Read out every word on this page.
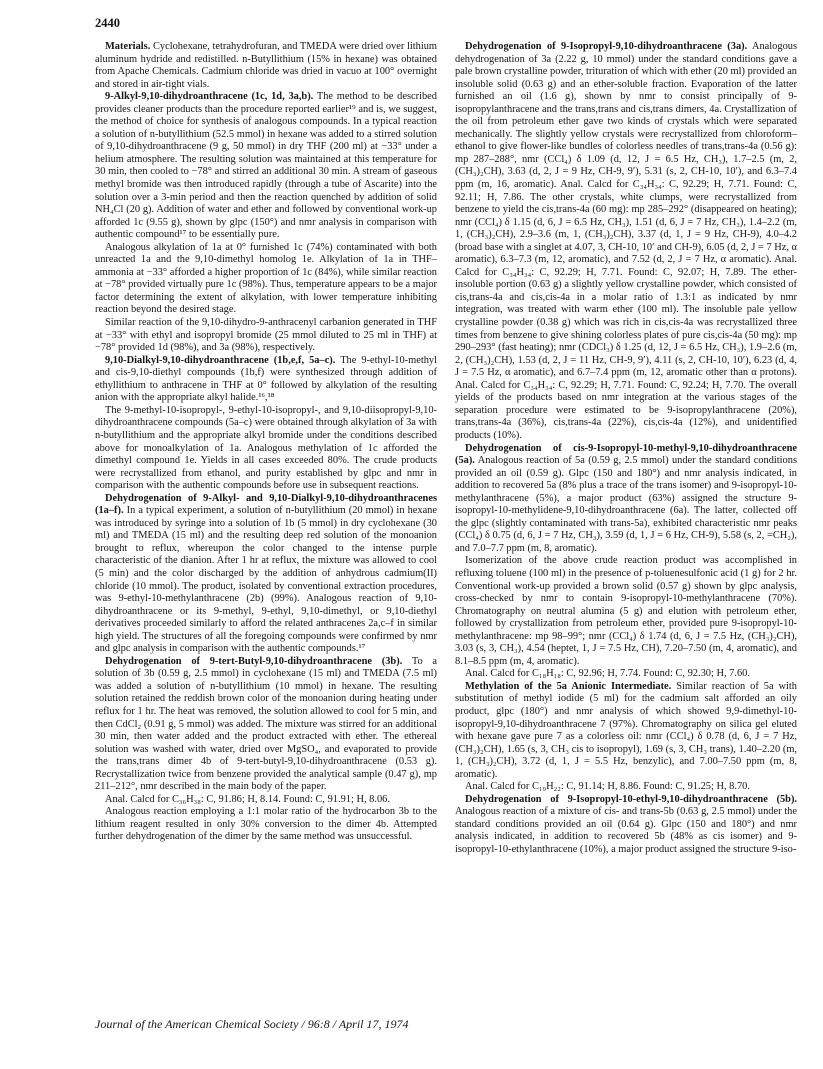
2440

Materials. Cyclohexane, tetrahydrofuran, and TMEDA were dried over lithium aluminum hydride and redistilled. n-Butyllithium (15% in hexane) was obtained from Apache Chemicals. Cadmium chloride was dried in vacuo at 100° overnight and stored in air-tight vials.

9-Alkyl-9,10-dihydroanthracene (1c, 1d, 3a,b). The method to be described provides cleaner products than the procedure reported earlier¹⁹ and is, we suggest, the method of choice for synthesis of analogous compounds. In a typical reaction a solution of n-butyllithium (52.5 mmol) in hexane was added to a stirred solution of 9,10-dihydroanthracene (9 g, 50 mmol) in dry THF (200 ml) at −33° under a helium atmosphere. The resulting solution was maintained at this temperature for 30 min, then cooled to −78° and stirred an additional 30 min. A stream of gaseous methyl bromide was then introduced rapidly (through a tube of Ascarite) into the solution over a 3-min period and then the reaction quenched by addition of solid NH₄Cl (20 g). Addition of water and ether and followed by conventional work-up afforded 1c (9.55 g), shown by glpc (150°) and nmr analysis in comparison with authentic compound¹⁷ to be essentially pure.

Analogous alkylation of 1a at 0° furnished 1c (74%) contaminated with both unreacted 1a and the 9,10-dimethyl homolog 1e. Alkylation of 1a in THF–ammonia at −33° afforded a higher proportion of 1c (84%), while similar reaction at −78° provided virtually pure 1c (98%). Thus, temperature appears to be a major factor determining the extent of alkylation, with lower temperature inhibiting reaction beyond the desired stage.

Similar reaction of the 9,10-dihydro-9-anthracenyl carbanion generated in THF at −33° with ethyl and isopropyl bromide (25 mmol diluted to 25 ml in THF) at −78° provided 1d (98%), and 3a (98%), respectively.

9,10-Dialkyl-9,10-dihydroanthracene (1b,e,f, 5a–c). The 9-ethyl-10-methyl and cis-9,10-diethyl compounds (1b,f) were synthesized through addition of ethyllithium to anthracene in THF at 0° followed by alkylation of the resulting anion with the appropriate alkyl halide.¹⁶,¹⁸

The 9-methyl-10-isopropyl-, 9-ethyl-10-isopropyl-, and 9,10-diisopropyl-9,10-dihydroanthracene compounds (5a–c) were obtained through alkylation of 3a with n-butyllithium and the appropriate alkyl bromide under the conditions described above for monoalkylation of 1a. Analogous methylation of 1c afforded the dimethyl compound 1e. Yields in all cases exceeded 80%. The crude products were recrystallized from ethanol, and purity established by glpc and nmr in comparison with the authentic compounds before use in subsequent reactions.

Dehydrogenation of 9-Alkyl- and 9,10-Dialkyl-9,10-dihydroanthracenes (1a–f). In a typical experiment, a solution of n-butyllithium (20 mmol) in hexane was introduced by syringe into a solution of 1b (5 mmol) in dry cyclohexane (30 ml) and TMEDA (15 ml) and the resulting deep red solution of the monoanion brought to reflux, whereupon the color changed to the intense purple characteristic of the dianion. After 1 hr at reflux, the mixture was allowed to cool (5 min) and the color discharged by the addition of anhydrous cadmium(II) chloride (10 mmol). The product, isolated by conventional extraction procedures, was 9-ethyl-10-methylanthracene (2b) (99%). Analogous reaction of 9,10-dihydroanthracene or its 9-methyl, 9-ethyl, 9,10-dimethyl, or 9,10-diethyl derivatives proceeded similarly to afford the related anthracenes 2a,c–f in similar high yield. The structures of all the foregoing compounds were confirmed by nmr and glpc analysis in comparison with the authentic compounds.¹⁷

Dehydrogenation of 9-tert-Butyl-9,10-dihydroanthracene (3b). To a solution of 3b (0.59 g, 2.5 mmol) in cyclohexane (15 ml) and TMEDA (7.5 ml) was added a solution of n-butyllithium (10 mmol) in hexane. The resulting solution retained the reddish brown color of the monoanion during heating under reflux for 1 hr. The heat was removed, the solution allowed to cool for 5 min, and then CdCl₂ (0.91 g, 5 mmol) was added. The mixture was stirred for an additional 30 min, then water added and the product extracted with ether. The ethereal solution was washed with water, dried over MgSO₄, and evaporated to provide the trans,trans dimer 4b of 9-tert-butyl-9,10-dihydroanthracene (0.53 g). Recrystallization twice from benzene provided the analytical sample (0.47 g), mp 211–212°, nmr described in the main body of the paper.

Anal. Calcd for C₃₆H₃₈: C, 91.86; H, 8.14. Found: C, 91.91; H, 8.06.

Analogous reaction employing a 1:1 molar ratio of the hydrocarbon 3b to the lithium reagent resulted in only 30% conversion to the dimer 4b. Attempted further dehydrogenation of the dimer by the same method was unsuccessful.

Dehydrogenation of 9-Isopropyl-9,10-dihydroanthracene (3a). Analogous dehydrogenation of 3a (2.22 g, 10 mmol) under the standard conditions gave a pale brown crystalline powder, trituration of which with ether (20 ml) provided an insoluble solid (0.63 g) and an ether-soluble fraction. Evaporation of the latter furnished an oil (1.6 g), shown by nmr to consist principally of 9-isopropylanthracene and the trans,trans and cis,trans dimers, 4a. Crystallization of the oil from petroleum ether gave two kinds of crystals which were separated mechanically. The slightly yellow crystals were recrystallized from chloroform–ethanol to give flower-like bundles of colorless needles of trans,trans-4a (0.56 g): mp 287–288°, nmr (CCl₄) δ 1.09 (d, 12, J = 6.5 Hz, CH₃), 1.7–2.5 (m, 2, (CH₃)₂CH), 3.63 (d, 2, J = 9 Hz, CH-9, 9′), 5.31 (s, 2, CH-10, 10′), and 6.3–7.4 ppm (m, 16, aromatic). Anal. Calcd for C₃₄H₃₄: C, 92.29; H, 7.71. Found: C, 92.11; H, 7.86. The other crystals, white clumps, were recrystallized from benzene to yield the cis,trans-4a (60 mg): mp 285–292° (disappeared on heating); nmr (CCl₄) δ 1.15 (d, 6, J = 6.5 Hz, CH₃), 1.51 (d, 6, J = 7 Hz, CH₃), 1.4–2.2 (m, 1, (CH₃)₂CH), 2.9–3.6 (m, 1, (CH₃)₂CH), 3.37 (d, 1, J = 9 Hz, CH-9), 4.0–4.2 (broad base with a singlet at 4.07, 3, CH-10, 10′ and CH-9), 6.05 (d, 2, J = 7 Hz, α aromatic), 6.3–7.3 (m, 12, aromatic), and 7.52 (d, 2, J = 7 Hz, α aromatic). Anal. Calcd for C₃₄H₃₄: C, 92.29; H, 7.71. Found: C, 92.07; H, 7.89. The ether-insoluble portion (0.63 g) a slightly yellow crystalline powder, which consisted of cis,trans-4a and cis,cis-4a in a molar ratio of 1.3:1 as indicated by nmr integration, was treated with warm ether (100 ml). The insoluble pale yellow crystalline powder (0.38 g) which was rich in cis,cis-4a was recrystallized three times from benzene to give shining colorless plates of pure cis,cis-4a (50 mg): mp 290–293° (fast heating); nmr (CDCl₃) δ 1.25 (d, 12, J = 6.5 Hz, CH₃), 1.9–2.6 (m, 2, (CH₃)₂CH), 1.53 (d, 2, J = 11 Hz, CH-9, 9′), 4.11 (s, 2, CH-10, 10′), 6.23 (d, 4, J = 7.5 Hz, α aromatic), and 6.7–7.4 ppm (m, 12, aromatic other than α protons). Anal. Calcd for C₃₄H₃₄: C, 92.29; H, 7.71. Found: C, 92.24; H, 7.70. The overall yields of the products based on nmr integration at the various stages of the separation procedure were estimated to be 9-isopropylanthracene (20%), trans,trans-4a (36%), cis,trans-4a (22%), cis,cis-4a (12%), and unidentified products (10%).

Dehydrogenation of cis-9-Isopropyl-10-methyl-9,10-dihydroanthracene (5a). Analogous reaction of 5a (0.59 g, 2.5 mmol) under the standard conditions provided an oil (0.59 g). Glpc (150 and 180°) and nmr analysis indicated, in addition to recovered 5a (8% plus a trace of the trans isomer) and 9-isopropyl-10-methylanthracene (5%), a major product (63%) assigned the structure 9-isopropyl-10-methylidene-9,10-dihydroanthracene (6a). The latter, collected off the glpc (slightly contaminated with trans-5a), exhibited characteristic nmr peaks (CCl₄) δ 0.75 (d, 6, J = 7 Hz, CH₃), 3.59 (d, 1, J = 6 Hz, CH-9), 5.58 (s, 2, =CH₂), and 7.0–7.7 ppm (m, 8, aromatic).

Isomerization of the above crude reaction product was accomplished in refluxing toluene (100 ml) in the presence of p-toluenesulfonic acid (1 g) for 2 hr. Conventional work-up provided a brown solid (0.57 g) shown by glpc analysis, cross-checked by nmr to contain 9-isopropyl-10-methylanthracene (70%). Chromatography on neutral alumina (5 g) and elution with petroleum ether, followed by crystallization from petroleum ether, provided pure 9-isopropyl-10-methylanthracene: mp 98–99°; nmr (CCl₄) δ 1.74 (d, 6, J = 7.5 Hz, (CH₃)₂CH), 3.03 (s, 3, CH₃), 4.54 (heptet, 1, J = 7.5 Hz, CH), 7.20–7.50 (m, 4, aromatic), and 8.1–8.5 ppm (m, 4, aromatic).

Anal. Calcd for C₁₈H₁₈: C, 92.96; H, 7.74. Found: C, 92.30; H, 7.60.

Methylation of the 5a Anionic Intermediate. Similar reaction of 5a with substitution of methyl iodide (5 ml) for the cadmium salt afforded an oily product, glpc (180°) and nmr analysis of which showed 9,9-dimethyl-10-isopropyl-9,10-dihydroanthracene 7 (97%). Chromatography on silica gel eluted with hexane gave pure 7 as a colorless oil: nmr (CCl₄) δ 0.78 (d, 6, J = 7 Hz, (CH₃)₂CH), 1.65 (s, 3, CH₃ cis to isopropyl), 1.69 (s, 3, CH₃ trans), 1.40–2.20 (m, 1, (CH₃)₂CH), 3.72 (d, 1, J = 5.5 Hz, benzylic), and 7.00–7.50 ppm (m, 8, aromatic).

Anal. Calcd for C₁₉H₂₂: C, 91.14; H, 8.86. Found: C, 91.25; H, 8.70.

Dehydrogenation of 9-Isopropyl-10-ethyl-9,10-dihydroanthracene (5b). Analogous reaction of a mixture of cis- and trans-5b (0.63 g, 2.5 mmol) under the standard conditions provided an oil (0.64 g). Glpc (150 and 180°) and nmr analysis indicated, in addition to recovered 5b (48% as cis isomer) and 9-isopropyl-10-ethylanthracene (10%), a major product assigned the structure 9-iso-

Journal of the American Chemical Society / 96:8 / April 17, 1974
